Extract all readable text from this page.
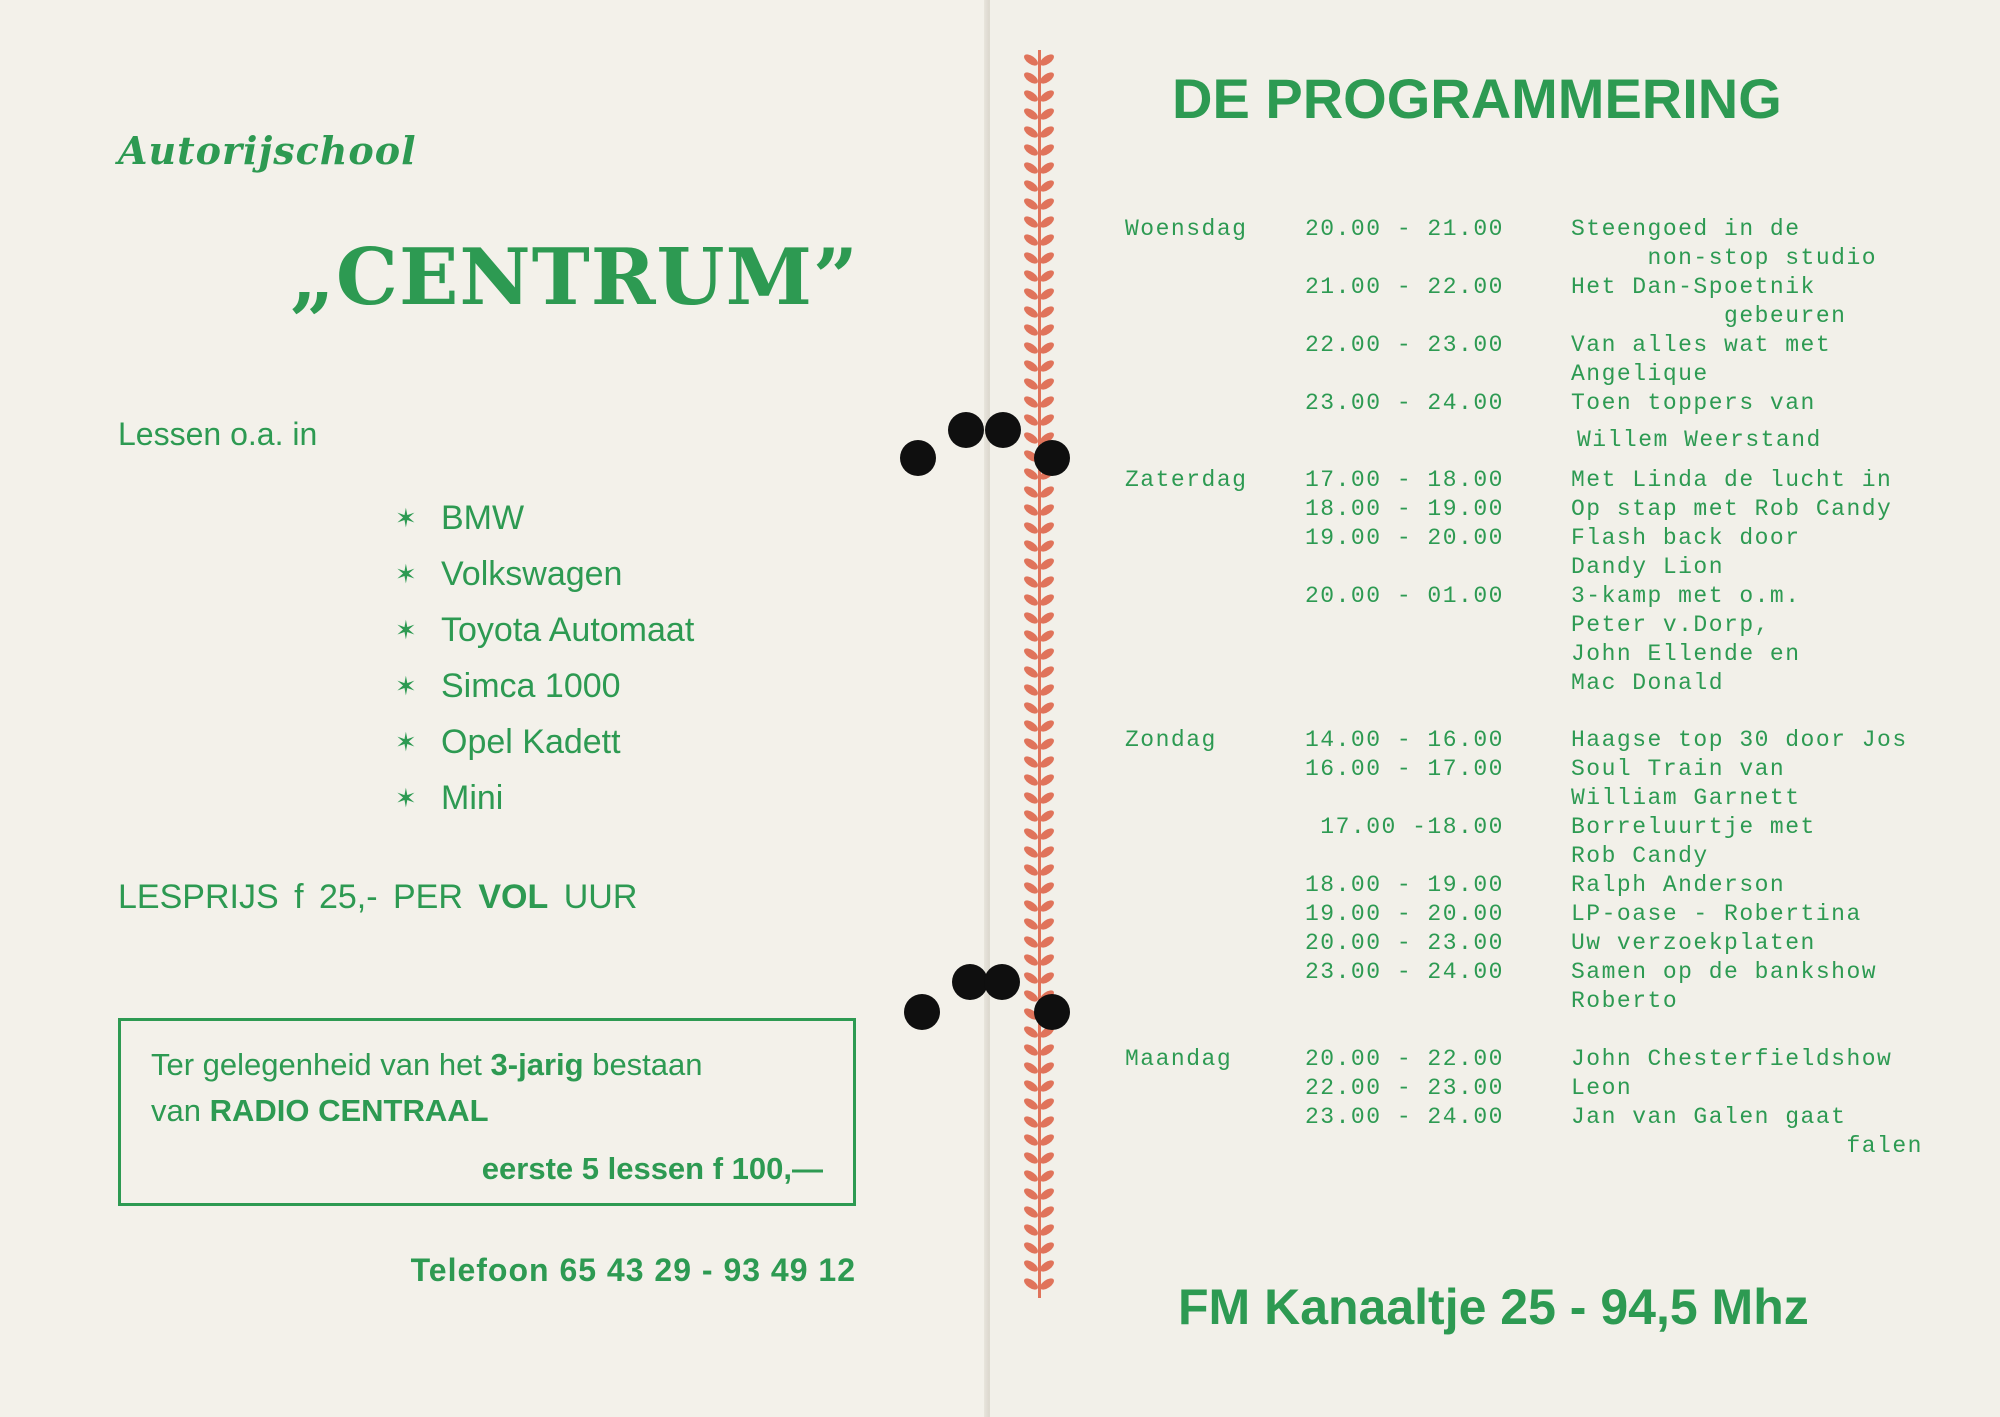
Autorijschool
„CENTRUM”
Lessen o.a. in
✶ BMW
✶ Volkswagen
✶ Toyota Automaat
✶ Simca 1000
✶ Opel Kadett
✶ Mini
LESPRIJS f 25,- PER VOL UUR
Ter gelegenheid van het 3-jarig bestaan
van RADIO CENTRAAL
eerste 5 lessen f 100,—
Telefoon 65 43 29 - 93 49 12
DE PROGRAMMERING
Woensdag	20.00 - 21.00	Steengoed in de
non-stop studio
21.00 - 22.00	Het Dan-Spoetnik
gebeuren
22.00 - 23.00	Van alles wat met
Angelique
23.00 - 24.00	Toen toppers van
Willem Weerstand
Zaterdag	17.00 - 18.00	Met Linda de lucht in
18.00 - 19.00	Op stap met Rob Candy
19.00 - 20.00	Flash back door
Dandy Lion
20.00 - 01.00	3-kamp met o.m.
Peter v.Dorp,
John Ellende en
Mac Donald
Zondag	14.00 - 16.00	Haagse top 30 door Jos
16.00 - 17.00	Soul Train van
William Garnett
17.00 -18.00	Borreluurtje met
Rob Candy
18.00 - 19.00	Ralph Anderson
19.00 - 20.00	LP-oase - Robertina
20.00 - 23.00	Uw verzoekplaten
23.00 - 24.00	Samen op de bankshow
Roberto
Maandag	20.00 - 22.00	John Chesterfieldshow
22.00 - 23.00	Leon
23.00 - 24.00	Jan van Galen gaat
falen
FM Kanaaltje 25 - 94,5 Mhz
